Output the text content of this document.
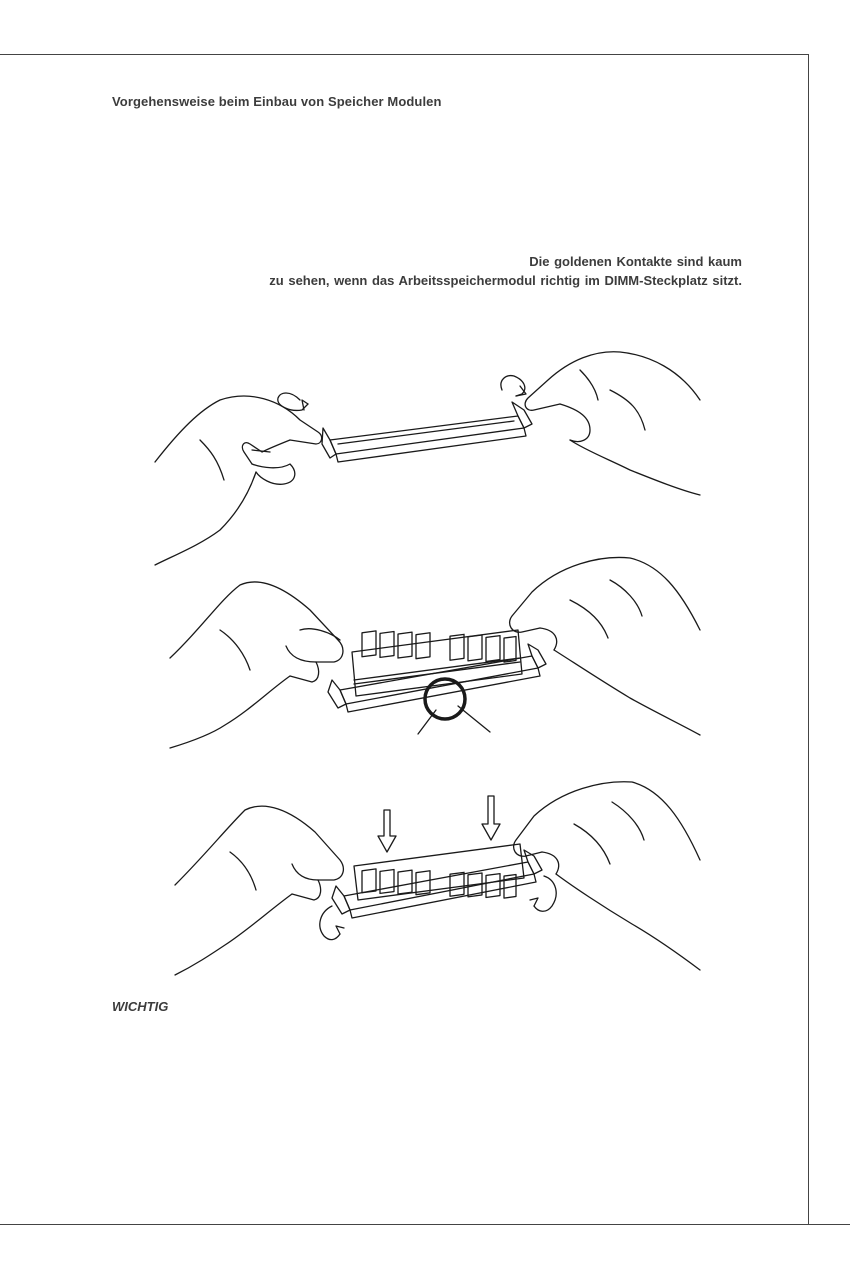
Vorgehensweise beim Einbau von Speicher Modulen
Die goldenen Kontakte sind kaum
zu sehen, wenn das Arbeitsspeichermodul richtig im DIMM-Steckplatz sitzt.
WICHTIG
